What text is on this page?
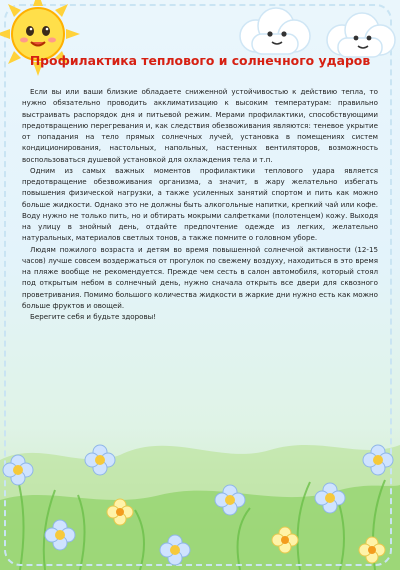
Профилактика теплового и солнечного ударов

Если вы или ваши близкие обладаете сниженной устойчивостью к действию тепла, то нужно обязательно проводить акклиматизацию к высоким температурам: правильно выстраивать распорядок дня и питьевой режим. Мерами профилактики, способствующими предотвращению перегревания и, как следствия обезвоживания являются: теневое укрытие от попадания на тело прямых солнечных лучей, установка в помещениях систем кондиционирования, настольных, напольных, настенных вентиляторов, возможность воспользоваться душевой установкой для охлаждения тела и т.п.

Одним из самых важных моментов профилактики теплового удара является предотвращение обезвоживания организма, а значит, в жару желательно избегать повышения физической нагрузки, а также усиленных занятий спортом и пить как можно больше жидкости. Однако это не должны быть алкогольные напитки, крепкий чай или кофе. Воду нужно не только пить, но и обтирать мокрыми салфетками (полотенцем) кожу. Выходя на улицу в знойный день, отдайте предпочтение одежде из легких, желательно натуральных, материалов светлых тонов, а также помните о головном уборе.

Людям пожилого возраста и детям во время повышенной солнечной активности (12-15 часов) лучше совсем воздержаться от прогулок по свежему воздуху, находиться в это время на пляже вообще не рекомендуется. Прежде чем сесть в салон автомобиля, который стоял под открытым небом в солнечный день, нужно сначала открыть все двери для сквозного проветривания. Помимо большого количества жидкости в жаркие дни нужно есть как можно больше фруктов и овощей.

Берегите себя и будьте здоровы!
